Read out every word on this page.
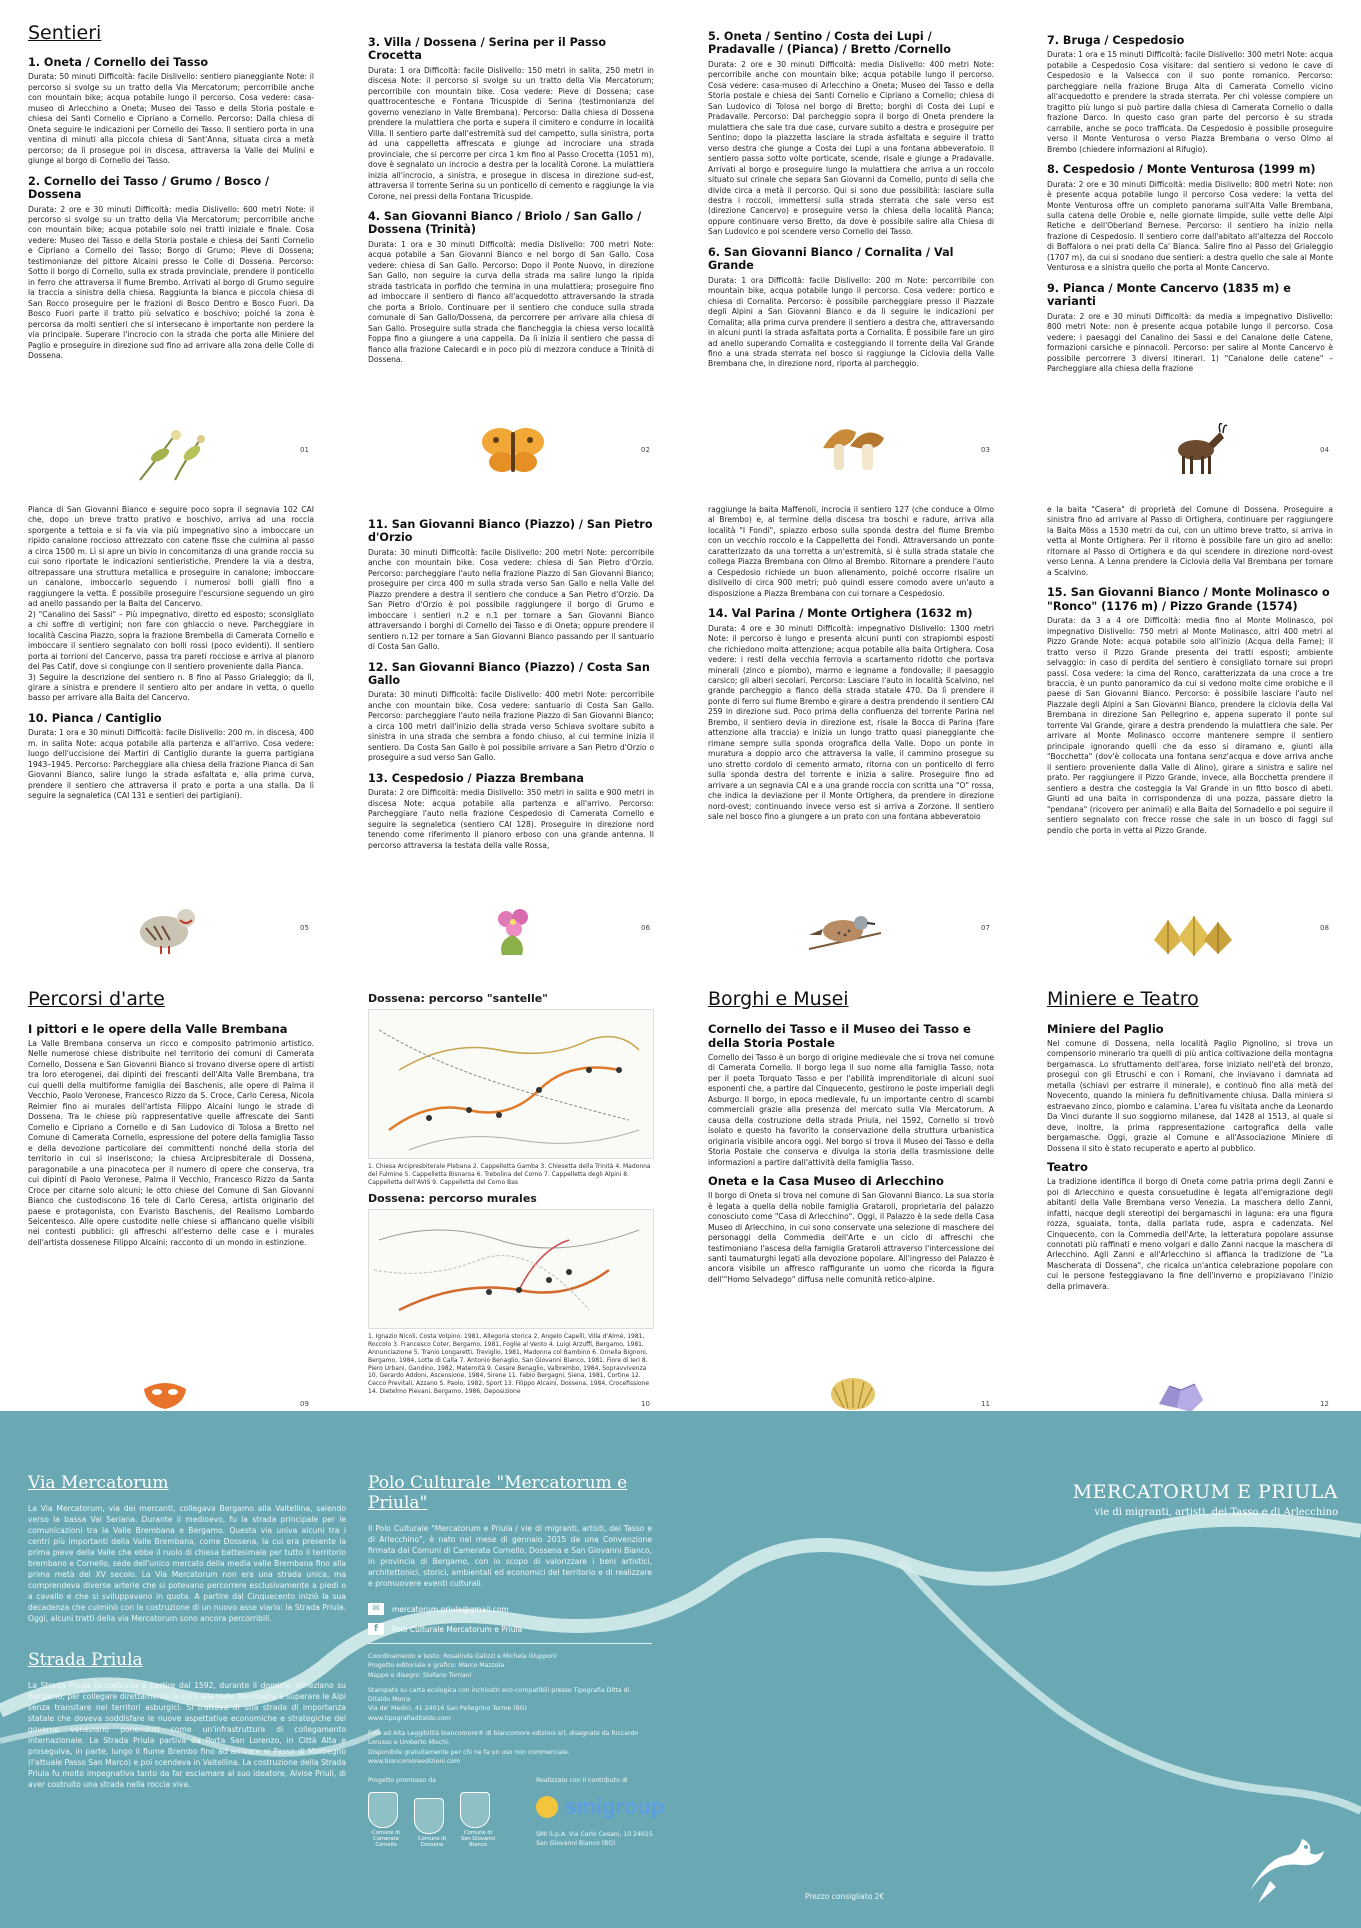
Sentieri
1. Oneta / Cornello dei Tasso
Durata: 50 minuti Difficoltà: facile Dislivello: sentiero pianeggiante Note: il percorso si svolge su un tratto della Via Mercatorum; percorribile anche con mountain bike; acqua potabile lungo il percorso. Cosa vedere: casa-museo di Arlecchino a Oneta; Museo dei Tasso e della Storia postale e chiesa dei Santi Cornelio e Cipriano a Cornello. Percorso: Dalla chiesa di Oneta seguire le indicazioni per Cornello dei Tasso. Il sentiero porta in una ventina di minuti alla piccola chiesa di Sant'Anna, situata circa a metà percorso; da lì prosegue poi in discesa, attraversa la Valle dei Mulini e giunge al borgo di Cornello dei Tasso.
2. Cornello dei Tasso / Grumo / Bosco / Dossena
Durata: 2 ore e 30 minuti Difficoltà: media Dislivello: 600 metri Note: il percorso si svolge su un tratto della Via Mercatorum; percorribile anche con mountain bike; acqua potabile solo nei tratti iniziale e finale. Cosa vedere: Museo dei Tasso e della Storia postale e chiesa dei Santi Cornelio e Cipriano a Cornello dei Tasso; Borgo di Grumo; Pieve di Dossena; testimonianze del pittore Alcaini presso le Colle di Dossena. Percorso: Sotto il borgo di Cornello, sulla ex strada provinciale, prendere il ponticello in ferro che attraversa il fiume Brembo. Arrivati al borgo di Grumo seguire la traccia a sinistra della chiesa. Raggiunta la bianca e piccola chiesa di San Rocco proseguire per le frazioni di Bosco Dentro e Bosco Fuori. Da Bosco Fuori parte il tratto più selvatico e boschivo; poiché la zona è percorsa da molti sentieri che si intersecano è importante non perdere la via principale. Superare l'incrocio con la strada che porta alle Miniere del Paglio e proseguire in direzione sud fino ad arrivare alla zona delle Colle di Dossena.
01
3. Villa / Dossena / Serina per il Passo Crocetta
Durata: 1 ora Difficoltà: facile Dislivello: 150 metri in salita, 250 metri in discesa Note: il percorso si svolge su un tratto della Via Mercatorum; percorribile con mountain bike. Cosa vedere: Pieve di Dossena; case quattrocentesche e Fontana Tricuspide di Serina (testimonianza del governo veneziano in Valle Brembana). Percorso: Dalla chiesa di Dossena prendere la mulattiera che porta e supera il cimitero e condurre in località Villa. Il sentiero parte dall'estremità sud del campetto, sulla sinistra, porta ad una cappelletta affrescata e giunge ad incrociare una strada provinciale, che si percorre per circa 1 km fino al Passo Crocetta (1051 m), dove è segnalato un incrocio a destra per la località Corone. La mulattiera inizia all'incrocio, a sinistra, e prosegue in discesa in direzione sud-est, attraversa il torrente Serina su un ponticello di cemento e raggiunge la via Corone, nei pressi della Fontana Tricuspide.
4. San Giovanni Bianco / Briolo / San Gallo / Dossena (Trinità)
Durata: 1 ora e 30 minuti Difficoltà: media Dislivello: 700 metri Note: acqua potabile a San Giovanni Bianco e nel borgo di San Gallo. Cosa vedere: chiesa di San Gallo. Percorso: Dopo il Ponte Nuovo, in direzione San Gallo, non seguire la curva della strada ma salire lungo la ripida strada tastricata in porfido che termina in una mulattiera; proseguire fino ad imboccare il sentiero di fianco all'acquedotto attraversando la strada che porta a Briolo. Continuare per il sentiero che conduce sulla strada comunale di San Gallo/Dossena, da percorrere per arrivare alla chiesa di San Gallo. Proseguire sulla strada che fiancheggia la chiesa verso località Foppa fino a giungere a una cappella. Da lì inizia il sentiero che passa di fianco alla frazione Calecardi e in poco più di mezzora conduce a Trinità di Dossena.
02
5. Oneta / Sentino / Costa dei Lupi / Pradavalle / (Pianca) / Bretto /Cornello
Durata: 2 ore e 30 minuti Difficoltà: media Dislivello: 400 metri Note: percorribile anche con mountain bike; acqua potabile lungo il percorso. Cosa vedere: casa-museo di Arlecchino a Oneta; Museo dei Tasso e della Storia postale e chiesa dei Santi Cornelio e Cipriano a Cornello; chiesa di San Ludovico di Tolosa nel borgo di Bretto; borghi di Costa dei Lupi e Pradavalle. Percorso: Dal parcheggio sopra il borgo di Oneta prendere la mulattiera che sale tra due case, curvare subito a destra e proseguire per Sentino; dopo la piazzetta lasciare la strada asfaltata e seguire il tratto verso destra che giunge a Costa dei Lupi a una fontana abbeveratoio. Il sentiero passa sotto volte porticate, scende, risale e giunge a Pradavalle. Arrivati al borgo e proseguire lungo la mulattiera che arriva a un roccolo situato sul crinale che separa San Giovanni da Cornello, punto di sella che divide circa a metà il percorso. Qui si sono due possibilità: lasciare sulla destra i roccoli, immettersi sulla strada sterrata che sale verso est (direzione Cancervo) e proseguire verso la chiesa della località Pianca; oppure continuare verso Bretto, da dove è possibile salire alla Chiesa di San Ludovico e poi scendere verso Cornello dei Tasso.
6. San Giovanni Bianco / Cornalita / Val Grande
Durata: 1 ora Difficoltà: facile Dislivello: 200 m Note: percorribile con mountain bike, acqua potabile lungo il percorso. Cosa vedere: portico e chiesa di Cornalita. Percorso: è possibile parcheggiare presso il Piazzale degli Alpini a San Giovanni Bianco e da lì seguire le indicazioni per Cornalita; alla prima curva prendere il sentiero a destra che, attraversando in alcuni punti la strada asfaltata porta a Cornalita. È possibile fare un giro ad anello superando Cornalita e costeggiando il torrente della Val Grande fino a una strada sterrata nel bosco si raggiunge la Ciclovia della Valle Brembana che, in direzione nord, riporta al parcheggio.
03
7. Bruga / Cespedosio
Durata: 1 ora e 15 minuti Difficoltà: facile Dislivello: 300 metri Note: acqua potabile a Cespedosio Cosa visitare: dal sentiero si vedono le cave di Cespedosio e la Valsecca con il suo ponte romanico. Percorso: parcheggiare nella frazione Bruga Alta di Camerata Cornello vicino all'acquedotto e prendere la strada sterrata. Per chi volesse compiere un tragitto più lungo si può partire dalla chiesa di Camerata Cornello o dalla frazione Darco. In questo caso gran parte del percorso è su strada carrabile, anche se poco trafficata. Da Cespedosio è possibile proseguire verso il Monte Venturosa o verso Piazza Brembana o verso Olmo al Brembo (chiedere informazioni al Rifugio).
8. Cespedosio / Monte Venturosa (1999 m)
Durata: 2 ore e 30 minuti Difficoltà: media Dislivello: 800 metri Note: non è presente acqua potabile lungo il percorso Cosa vedere: la vetta del Monte Venturosa offre un completo panorama sull'Alta Valle Brembana, sulla catena delle Orobie e, nelle giornate limpide, sulle vette delle Alpi Retiche e dell'Oberland Bernese. Percorso: il sentiero ha inizio nella frazione di Cespedosio. Il sentiero corre dall'abitato all'altezza del Roccolo di Boffalora o nei prati della Ca' Bianca. Salire fino al Passo del Grialeggio (1707 m), da cui si snodano due sentieri: a destra quello che sale al Monte Venturosa e a sinistra quello che porta al Monte Cancervo.
9. Pianca / Monte Cancervo (1835 m) e varianti
Durata: 2 ore e 30 minuti Difficoltà: da media a impegnativo Dislivello: 800 metri Note: non è presente acqua potabile lungo il percorso. Cosa vedere: i paesaggi del Canalino dei Sassi e del Canalone delle Catene, formazioni carsiche e pinnacoli. Percorso: per salire al Monte Cancervo è possibile percorrere 3 diversi itinerari. 1) "Canalone delle catene" – Parcheggiare alla chiesa della frazione
04
Pianca di San Giovanni Bianco e seguire poco sopra il segnavia 102 CAI che, dopo un breve tratto prativo e boschivo, arriva ad una roccia sporgente a tettoia e si fa via via più impegnativo sino a imboccare un ripido canalone roccioso attrezzato con catene fisse che culmina al passo a circa 1500 m. Lì si apre un bivio in concomitanza di una grande roccia su cui sono riportate le indicazioni sentieristiche. Prendere la via a destra, oltrepassare una struttura metallica e proseguire in canalone; imboccare un canalone, imboccarlo seguendo i numerosi bolli gialli fino a raggiungere la vetta. È possibile proseguire l'escursione seguendo un giro ad anello passando per la Baita del Cancervo.
2) "Canalino dei Sassi" – Più impegnativo, diretto ed esposto; sconsigliato a chi soffre di vertigini; non fare con ghiaccio o neve. Parcheggiare in località Cascina Piazzo, sopra la frazione Brembella di Camerata Cornello e imboccare il sentiero segnalato con bolli rossi (poco evidenti). Il sentiero porta ai torrioni del Cancervo, passa tra pareti rocciose e arriva al pianoro del Pas Catif, dove si congiunge con il sentiero proveniente dalla Pianca.
3) Seguire la descrizione del sentiero n. 8 fino al Passo Grialeggio; da lì, girare a sinistra e prendere il sentiero alto per andare in vetta, o quello basso per arrivare alla Baita del Cancervo.
10. Pianca / Cantiglio
Durata: 1 ora e 30 minuti Difficoltà: facile Dislivello: 200 m. in discesa, 400 m. in salita Note: acqua potabile alla partenza e all'arrivo. Cosa vedere: luogo dell'uccisione dei Martiri di Cantiglio durante la guerra partigiana 1943–1945. Percorso: Parcheggiare alla chiesa della frazione Pianca di San Giovanni Bianco, salire lungo la strada asfaltata e, alla prima curva, prendere il sentiero che attraversa il prato e porta a una stalla. Da lì seguire la segnaletica (CAI 131 e sentieri dei partigiani).
05
11. San Giovanni Bianco (Piazzo) / San Pietro d'Orzio
Durata: 30 minuti Difficoltà: facile Dislivello: 200 metri Note: percorribile anche con mountain bike. Cosa vedere: chiesa di San Pietro d'Orzio. Percorso: parcheggiare l'auto nella frazione Piazzo di San Giovanni Bianco; proseguire per circa 400 m sulla strada verso San Gallo e nella Valle del Piazzo prendere a destra il sentiero che conduce a San Pietro d'Orzio. Da San Pietro d'Orzio è poi possibile raggiungere il borgo di Grumo e imboccare i sentieri n.2 e n.1 per tornare a San Giovanni Bianco attraversando i borghi di Cornello dei Tasso e di Oneta; oppure prendere il sentiero n.12 per tornare a San Giovanni Bianco passando per il santuario di Costa San Gallo.
12. San Giovanni Bianco (Piazzo) / Costa San Gallo
Durata: 30 minuti Difficoltà: facile Dislivello: 400 metri Note: percorribile anche con mountain bike. Cosa vedere: santuario di Costa San Gallo. Percorso: parcheggiare l'auto nella frazione Piazzo di San Giovanni Bianco; a circa 100 metri dall'inizio della strada verso Schiava svoltare subito a sinistra in una strada che sembra a fondo chiuso, al cui termine inizia il sentiero. Da Costa San Gallo è poi possibile arrivare a San Pietro d'Orzio o proseguire a sud verso San Gallo.
13. Cespedosio / Piazza Brembana
Durata: 2 ore Difficoltà: media Dislivello: 350 metri in salita e 900 metri in discesa Note: acqua potabile alla partenza e all'arrivo. Percorso: Parcheggiare l'auto nella frazione Cespedosio di Camerata Cornello e seguire la segnaletica (sentiero CAI 128). Proseguire in direzione nord tenendo come riferimento il pianoro erboso con una grande antenna. Il percorso attraversa la testata della valle Rossa,
06
raggiunge la baita Maffenoli, incrocia il sentiero 127 (che conduce a Olmo al Brembo) e, al termine della discesa tra boschi e radure, arriva alla località "I Fondi", spiazzo erboso sulla sponda destra del fiume Brembo con un vecchio roccolo e la Cappelletta dei Fondi. Attraversando un ponte caratterizzato da una torretta a un'estremità, si è sulla strada statale che collega Piazza Brembana con Olmo al Brembo. Ritornare a prendere l'auto a Cespedosio richiede un buon allenamento, poiché occorre risalire un dislivello di circa 900 metri; può quindi essere comodo avere un'auto a disposizione a Piazza Brembana con cui tornare a Cespedosio.
14. Val Parina / Monte Ortighera (1632 m)
Durata: 4 ore e 30 minuti Difficoltà: impegnativo Dislivello: 1300 metri Note: il percorso è lungo e presenta alcuni punti con strapiombi esposti che richiedono molta attenzione; acqua potabile alla baita Ortighera. Cosa vedere: i resti della vecchia ferrovia a scartamento ridotto che portava minerali (zinco e piombo), marmo e legname a fondovalle; il paesaggio carsico; gli alberi secolari. Percorso: Lasciare l'auto in località Scalvino, nel grande parcheggio a fianco della strada statale 470. Da lì prendere il ponte di ferro sul fiume Brembo e girare a destra prendendo il sentiero CAI 259 in direzione sud. Poco prima della confluenza del torrente Parina nel Brembo, il sentiero devia in direzione est, risale la Bocca di Parina (fare attenzione alla traccia) e inizia un lungo tratto quasi pianeggiante che rimane sempre sulla sponda orografica della Valle. Dopo un ponte in muratura a doppio arco che attraversa la valle, il cammino prosegue su uno stretto cordolo di cemento armato, ritorna con un ponticello di ferro sulla sponda destra del torrente e inizia a salire. Proseguire fino ad arrivare a un segnavia CAI e a una grande roccia con scritta una "O" rossa, che indica la deviazione per il Monte Ortighera, da prendere in direzione nord-ovest; continuando invece verso est si arriva a Zorzone. Il sentiero sale nel bosco fino a giungere a un prato con una fontana abbeveratoio
07
e la baita "Casera" di proprietà del Comune di Dossena. Proseguire a sinistra fino ad arrivare al Passo di Ortighera, continuare per raggiungere la Baita Möss a 1530 metri da cui, con un ultimo breve tratto, si arriva in vetta al Monte Ortighera. Per il ritorno è possibile fare un giro ad anello: ritornare al Passo di Ortighera e da qui scendere in direzione nord-ovest verso Lenna. A Lenna prendere la Ciclovia della Val Brembana per tornare a Scalvino.
15. San Giovanni Bianco / Monte Molinasco o "Ronco" (1176 m) / Pizzo Grande (1574)
Durata: da 3 a 4 ore Difficoltà: media fino al Monte Molinasco, poi impegnativo Dislivello: 750 metri al Monte Molinasco, altri 400 metri al Pizzo Grande Note: acqua potabile solo all'inizio (Acqua della Fame); il tratto verso il Pizzo Grande presenta dei tratti esposti; ambiente selvaggio: in caso di perdita del sentiero è consigliato tornare sui propri passi. Cosa vedere: la cima del Ronco, caratterizzata da una croce a tre braccia, è un punto panoramico da cui si vedono molte cime orobiche e il paese di San Giovanni Bianco. Percorso: è possibile lasciare l'auto nel Piazzale degli Alpini a San Giovanni Bianco, prendere la ciclovia della Val Brembana in direzione San Pellegrino e, appena superato il ponte sul torrente Val Grande, girare a destra prendendo la mulattiera che sale. Per arrivare al Monte Molinasco occorre mantenere sempre il sentiero principale ignorando quelli che da esso si diramano e, giunti alla "Bocchetta" (dov'è collocata una fontana senz'acqua e dove arriva anche il sentiero proveniente dalla Valle di Alino), girare a sinistra e salire nel prato. Per raggiungere il Pizzo Grande, invece, alla Bocchetta prendere il sentiero a destra che costeggia la Val Grande in un fitto bosco di abeti. Giunti ad una baita in corrispondenza di una pozza, passare dietro la "pendana" (ricovero per animali) e alla Baita del Sornadello e poi seguire il sentiero segnalato con frecce rosse che sale in un bosco di faggi sul pendio che porta in vetta al Pizzo Grande.
08
Percorsi d'arte
I pittori e le opere della Valle Brembana
La Valle Brembana conserva un ricco e composito patrimonio artistico. Nelle numerose chiese distribuite nel territorio dei comuni di Camerata Cornello, Dossena e San Giovanni Bianco si trovano diverse opere di artisti tra loro eterogenei, dai dipinti dei frescanti dell'Alta Valle Brembana, tra cui quelli della multiforme famiglia dei Baschenis, alle opere di Palma il Vecchio, Paolo Veronese, Francesco Rizzo da S. Croce, Carlo Ceresa, Nicola Reimier fino ai murales dell'artista Filippo Alcaini lungo le strade di Dossena. Tra le chiese più rappresentative quelle affrescate dei Santi Cornelio e Cipriano a Cornello e di San Ludovico di Tolosa a Bretto nel Comune di Camerata Cornello, espressione del potere della famiglia Tasso e della devozione particolare dei committenti nonché della storia del territorio in cui si inseriscono; la chiesa Arcipresbiterale di Dossena, paragonabile a una pinacoteca per il numero di opere che conserva, tra cui dipinti di Paolo Veronese, Palma il Vecchio, Francesco Rizzo da Santa Croce per citarne solo alcuni; le otto chiese del Comune di San Giovanni Bianco che custodiscono 16 tele di Carlo Ceresa, artista originario del paese e protagonista, con Evaristo Baschenis, del Realismo Lombardo Seicentesco. Alle opere custodite nelle chiese si affiancano quelle visibili nei contesti pubblici: gli affreschi all'esterno delle case e i murales dell'artista dossenese Filippo Alcaini: racconto di un mondo in estinzione.
09
Dossena: percorso "santelle"
1. Chiesa Arcipresbiterale Plebana 2. Cappelletta Gamba 3. Chiesetta della Trinità 4. Madonna del Fulmine 5. Cappelletta Bisnaroa 6. Trebolina del Corno 7. Cappelletta degli Alpini 8. Cappelletta dell'AVIS 9. Cappelletta del Corno Bas
Dossena: percorso murales
1. Ignazio Nicoli, Costa Volpino, 1981, Allegoria storica 2. Angelo Capelli, Villa d'Almè, 1981, Roccolo 3. Francesco Coter, Bergamo, 1981, Foglie al Vento 4. Luigi Arzuffi, Bergamo, 1981, Annunciazione 5. Tranio Longaretti, Treviglio, 1981, Madonna col Bambino 6. Ornella Bignoni, Bergamo, 1984, Lotte di Calla 7. Antonio Benaglio, San Giovanni Bianco, 1981, Fiore di Ieri 8. Piero Urbani, Gandino, 1982, Maternità 9. Cesare Benaglio, Valbrembo, 1984, Sopravvivenza 10. Gerardo Addoni, Ascensione, 1984, Sirene 11. Fabio Bergagni, Siena, 1981, Cortine 12. Cecco Previtali, Azzano S. Paolo, 1982, Sport 13. Filippo Alcaini, Dossena, 1984, Crocefissione 14. Dietelmo Pievani, Bergamo, 1986, Deposizione
10
Borghi e Musei
Cornello dei Tasso e il Museo dei Tasso e della Storia Postale
Cornello dei Tasso è un borgo di origine medievale che si trova nel comune di Camerata Cornello. Il borgo lega il suo nome alla famiglia Tasso, nota per il poeta Torquato Tasso e per l'abilità imprenditoriale di alcuni suoi esponenti che, a partire dal Cinquecento, gestirono le poste imperiali degli Asburgo. Il borgo, in epoca medievale, fu un importante centro di scambi commerciali grazie alla presenza del mercato sulla Via Mercatorum. A causa della costruzione della strada Priula, nel 1592, Cornello si trovò isolato e questo ha favorito la conservazione della struttura urbanistica originaria visibile ancora oggi. Nel borgo si trova il Museo dei Tasso e della Storia Postale che conserva e divulga la storia della trasmissione delle informazioni a partire dall'attività della famiglia Tasso.
Oneta e la Casa Museo di Arlecchino
Il borgo di Oneta si trova nel comune di San Giovanni Bianco. La sua storia è legata a quella della nobile famiglia Grataroli, proprietaria del palazzo conosciuto come "Casa di Arlecchino". Oggi, il Palazzo è la sede della Casa Museo di Arlecchino, in cui sono conservate una selezione di maschere dei personaggi della Commedia dell'Arte e un ciclo di affreschi che testimoniano l'ascesa della famiglia Grataroli attraverso l'intercessione dei santi taumaturghi legati alla devozione popolare. All'ingresso del Palazzo è ancora visibile un affresco raffigurante un uomo che ricorda la figura dell'"Homo Selvadego" diffusa nelle comunità retico-alpine.
11
Miniere e Teatro
Miniere del Paglio
Nel comune di Dossena, nella località Paglio Pignolino, si trova un compensorio minerario tra quelli di più antica coltivazione della montagna bergamasca. Lo sfruttamento dell'area, forse iniziato nell'età del bronzo, proseguì con gli Etruschi e con i Romani, che inviavano i damnata ad metalla (schiavi per estrarre il minerale), e continuò fino alla metà del Novecento, quando la miniera fu definitivamente chiusa. Dalla miniera si estraevano zinco, piombo e calamina. L'area fu visitata anche da Leonardo Da Vinci durante il suo soggiorno milanese, dal 1428 al 1513, al quale si deve, inoltre, la prima rappresentazione cartografica della valle bergamasche. Oggi, grazie al Comune e all'Associazione Miniere di Dossena il sito è stato recuperato e aperto al pubblico.
Teatro
La tradizione identifica il borgo di Oneta come patria prima degli Zanni e poi di Arlecchino e questa consuetudine è legata all'emigrazione degli abitanti della Valle Brembana verso Venezia. La maschera dello Zanni, infatti, nacque degli stereotipi dei bergamaschi in laguna: era una figura rozza, sguaiata, tonta, dalla parlata rude, aspra e cadenzata. Nel Cinquecento, con la Commedia dell'Arte, la letteratura popolare assunse connotati più raffinati e meno volgari e dallo Zanni nacque la maschera di Arlecchino. Agli Zanni e all'Arlecchino si affianca la tradizione de "La Mascherata di Dossena", che ricalca un'antica celebrazione popolare con cui le persone festeggiavano la fine dell'inverno e propiziavano l'inizio della primavera.
12
Via Mercatorum
La Via Mercatorum, via dei mercanti, collegava Bergamo alla Valtellina, salendo verso la bassa Val Seriana. Durante il medioevo, fu la strada principale per le comunicazioni tra la Valle Brembana e Bergamo. Questa via univa alcuni tra i centri più importanti della Valle Brembana, come Dossena, la cui era presente la prima pieve della Valle che ebbe il ruolo di chiesa battesimale per tutto il territorio brembano e Cornello, sede dell'unico mercato della media valle Brembana fino alla prima metà del XV secolo. La Via Mercatorum non era una strada unica, ma comprendeva diverse arterie che si potevano percorrere esclusivamente a piedi o a cavallo e che si sviluppavano in quota. A partire dal Cinquecento iniziò la sua decadenza che culminò con la costruzione di un nuovo asse viario: la Strada Priula. Oggi, alcuni tratti della via Mercatorum sono ancora percorribili.
Strada Priula
La Strada Priula fu costruita a partire dal 1592, durante il dominio Veneziano su Bergamo, per collegare direttamente la città alla Valle Brembana e superare le Alpi senza transitare nei territori asburgici. Si trattava di una strada di importanza statale che doveva soddisfare le nuove aspettative economiche e strategiche del governo veneziano ponendosi come un'infrastruttura di collegamento internazionale. La Strada Priula partiva da Porta San Lorenzo, in Città Alta e proseguiva, in parte, lungo il fiume Brembo fino ad arrivare al Passo di Morbegno (l'attuale Passo San Marco) e poi scendeva in Valtellina. La costruzione della Strada Priula fu molto impegnativa tanto da far esclamare al suo ideatore, Alvise Priuli, di aver costruito una strada nella roccia viva.
Polo Culturale "Mercatorum e Priula"
Il Polo Culturale "Mercatorum e Priula / vie di migranti, artisti, dei Tasso e di Arlecchino", è nato nel mese di gennaio 2015 da una Convenzione firmata dai Comuni di Camerata Cornello, Dossena e San Giovanni Bianco, in provincia di Bergamo, con lo scopo di valorizzare i beni artistici, architettonici, storici, ambientali ed economici del territorio e di realizzare e promuovere eventi culturali.
✉	mercatorum.priula@gmail.com
f	Polo Culturale Mercatorum e Priula
Coordinamento e testo: Rosalinda Galizzi e Michela Giupponi
Progetto editoriale e grafico: Marco Mazzola
Mappe e disegni: Stefano Torriani
Stampato su carta ecologica con inchiostri eco-compatibili presso Tipografia Ditta di Ditaldo Morra
Via de' Medici, 41 24016 San Pellegrino Terme (BG)
www.tipografiaditaldo.com
Foto ad Alta Leggibilità biancomore® di biancomore edizioni srl, disegnate da Riccardo Lorusso e Umberto Mischi.
Disponibile gratuitamente per chi ne fa un uso non commerciale.
www.biancomoreedizioni.com
Progetto promosso da
Comune di Camerata Cornello
Comune di Dossena
Comune di San Giovanni Bianco
Realizzato con il contributo di
smigroup
SMI S.p.A. Via Carlo Cesani, 10 24015 San Giovanni Bianco (BG)
Prezzo consigliato 2€
MERCATORUM E PRIULA
vie di migranti, artisti, dei Tasso e di Arlecchino
